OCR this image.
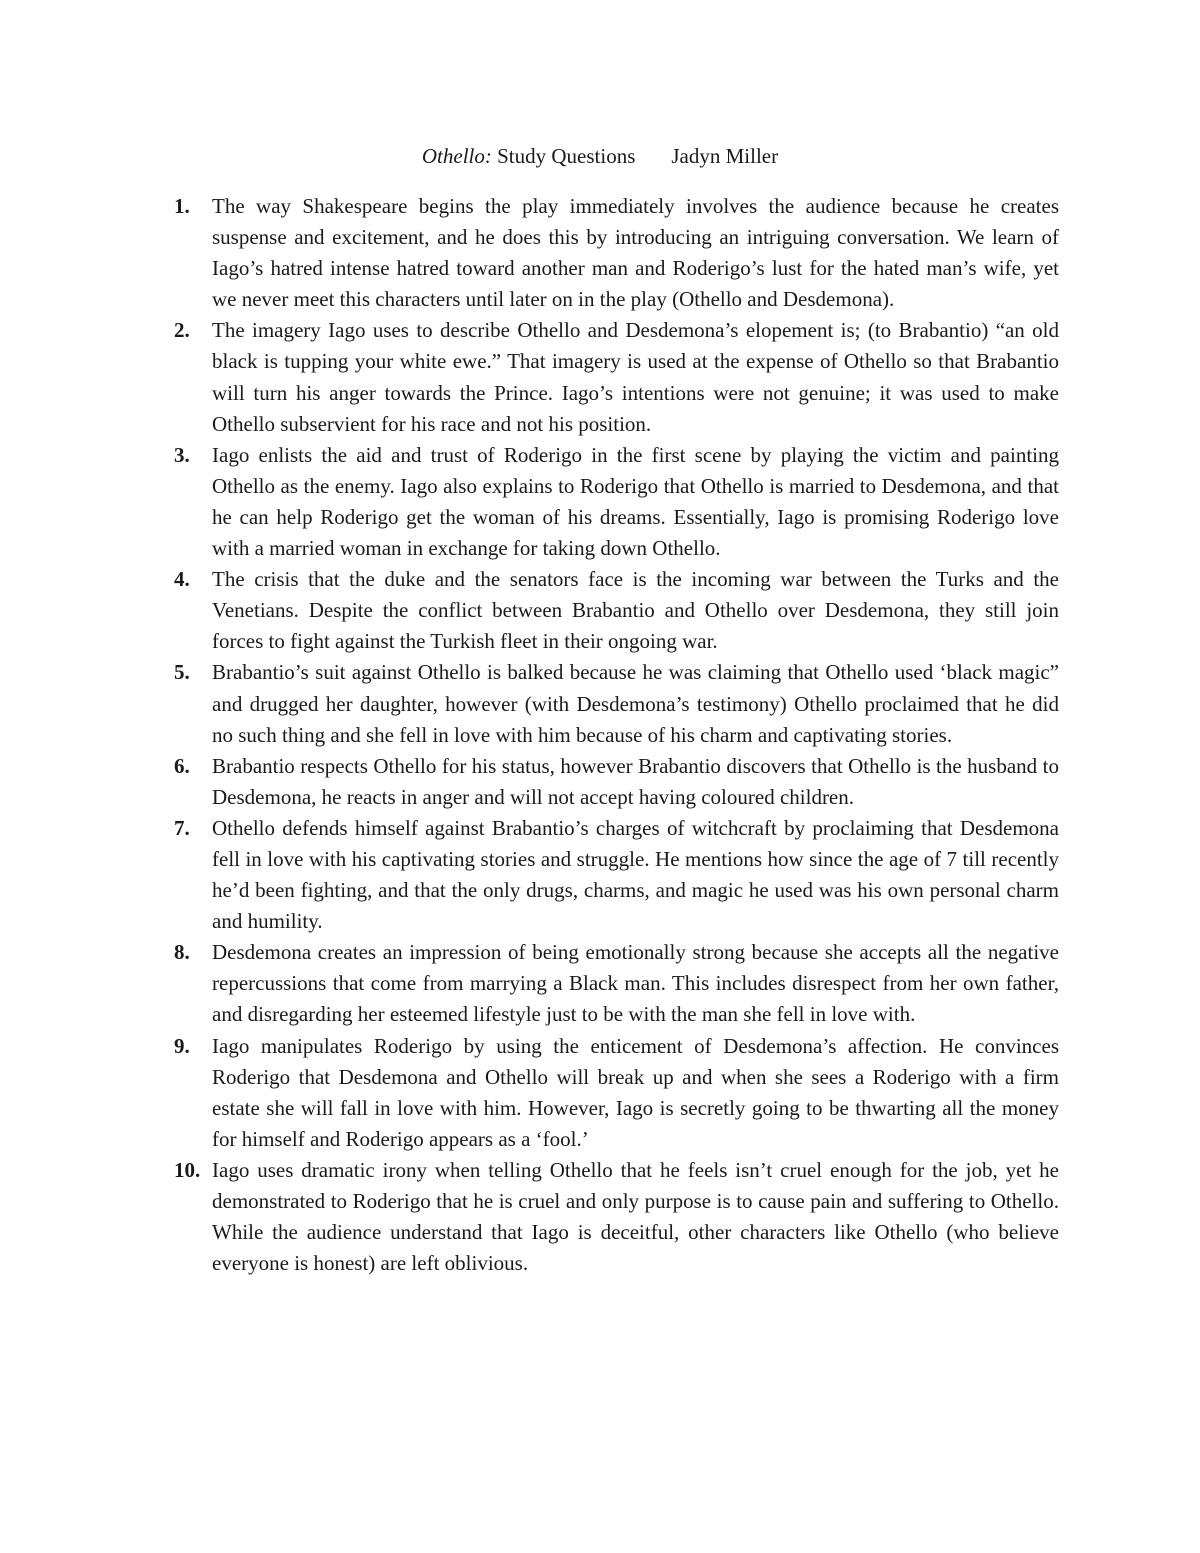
Othello: Study Questions Jadyn Miller
1. The way Shakespeare begins the play immediately involves the audience because he creates suspense and excitement, and he does this by introducing an intriguing conversation. We learn of Iago’s hatred intense hatred toward another man and Roderigo’s lust for the hated man’s wife, yet we never meet this characters until later on in the play (Othello and Desdemona).
2. The imagery Iago uses to describe Othello and Desdemona’s elopement is; (to Brabantio) “an old black is tupping your white ewe.” That imagery is used at the expense of Othello so that Brabantio will turn his anger towards the Prince. Iago’s intentions were not genuine; it was used to make Othello subservient for his race and not his position.
3. Iago enlists the aid and trust of Roderigo in the first scene by playing the victim and painting Othello as the enemy. Iago also explains to Roderigo that Othello is married to Desdemona, and that he can help Roderigo get the woman of his dreams. Essentially, Iago is promising Roderigo love with a married woman in exchange for taking down Othello.
4. The crisis that the duke and the senators face is the incoming war between the Turks and the Venetians. Despite the conflict between Brabantio and Othello over Desdemona, they still join forces to fight against the Turkish fleet in their ongoing war.
5. Brabantio’s suit against Othello is balked because he was claiming that Othello used ‘black magic” and drugged her daughter, however (with Desdemona’s testimony) Othello proclaimed that he did no such thing and she fell in love with him because of his charm and captivating stories.
6. Brabantio respects Othello for his status, however Brabantio discovers that Othello is the husband to Desdemona, he reacts in anger and will not accept having coloured children.
7. Othello defends himself against Brabantio’s charges of witchcraft by proclaiming that Desdemona fell in love with his captivating stories and struggle. He mentions how since the age of 7 till recently he’d been fighting, and that the only drugs, charms, and magic he used was his own personal charm and humility.
8. Desdemona creates an impression of being emotionally strong because she accepts all the negative repercussions that come from marrying a Black man. This includes disrespect from her own father, and disregarding her esteemed lifestyle just to be with the man she fell in love with.
9. Iago manipulates Roderigo by using the enticement of Desdemona’s affection. He convinces Roderigo that Desdemona and Othello will break up and when she sees a Roderigo with a firm estate she will fall in love with him. However, Iago is secretly going to be thwarting all the money for himself and Roderigo appears as a ‘fool.’
10. Iago uses dramatic irony when telling Othello that he feels isn’t cruel enough for the job, yet he demonstrated to Roderigo that he is cruel and only purpose is to cause pain and suffering to Othello. While the audience understand that Iago is deceitful, other characters like Othello (who believe everyone is honest) are left oblivious.
